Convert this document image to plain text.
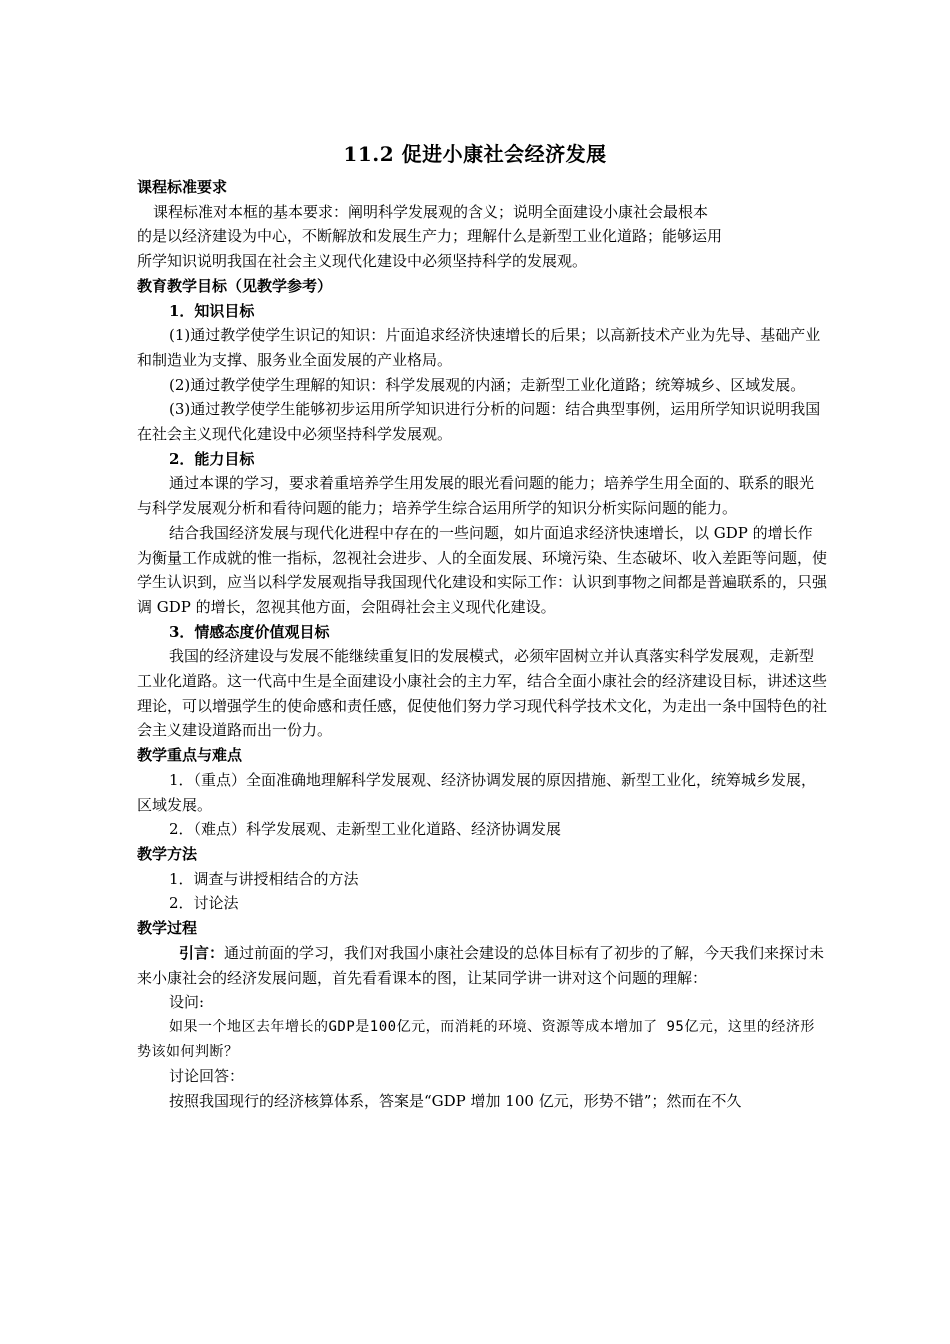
11.2 促进小康社会经济发展

课程标准要求

课程标准对本框的基本要求：阐明科学发展观的含义；说明全面建设小康社会最根本

的是以经济建设为中心，不断解放和发展生产力；理解什么是新型工业化道路；能够运用

所学知识说明我国在社会主义现代化建设中必须坚持科学的发展观。

教育教学目标（见教学参考）

1．知识目标

(1)通过教学使学生识记的知识：片面追求经济快速增长的后果；以高新技术产业为先导、基础产业和制造业为支撑、服务业全面发展的产业格局。

(2)通过教学使学生理解的知识：科学发展观的内涵；走新型工业化道路；统筹城乡、区域发展。

(3)通过教学使学生能够初步运用所学知识进行分析的问题：结合典型事例，运用所学知识说明我国在社会主义现代化建设中必须坚持科学发展观。

2．能力目标

通过本课的学习，要求着重培养学生用发展的眼光看问题的能力；培养学生用全面的、联系的眼光与科学发展观分析和看待问题的能力；培养学生综合运用所学的知识分析实际问题的能力。

结合我国经济发展与现代化进程中存在的一些问题，如片面追求经济快速增长，以 GDP 的增长作为衡量工作成就的惟一指标，忽视社会进步、人的全面发展、环境污染、生态破坏、收入差距等问题，使学生认识到，应当以科学发展观指导我国现代化建设和实际工作：认识到事物之间都是普遍联系的，只强调 GDP 的增长，忽视其他方面，会阻碍社会主义现代化建设。

3．情感态度价值观目标

我国的经济建设与发展不能继续重复旧的发展模式，必须牢固树立并认真落实科学发展观，走新型工业化道路。这一代高中生是全面建设小康社会的主力军，结合全面小康社会的经济建设目标，讲述这些理论，可以增强学生的使命感和责任感，促使他们努力学习现代科学技术文化，为走出一条中国特色的社会主义建设道路而出一份力。

教学重点与难点

1．（重点）全面准确地理解科学发展观、经济协调发展的原因措施、新型工业化，统筹城乡发展，区域发展。

2．（难点）科学发展观、走新型工业化道路、经济协调发展

教学方法

1．调查与讲授相结合的方法

2．讨论法

教学过程

引言：通过前面的学习，我们对我国小康社会建设的总体目标有了初步的了解，今天我们来探讨未来小康社会的经济发展问题，首先看看课本的图，让某同学讲一讲对这个问题的理解：

设问:

如果一个地区去年增长的GDP是100亿元，而消耗的环境、资源等成本增加了 95亿元，这里的经济形势该如何判断？

讨论回答：

按照我国现行的经济核算体系，答案是“GDP 增加 100 亿元，形势不错”；然而在不久
